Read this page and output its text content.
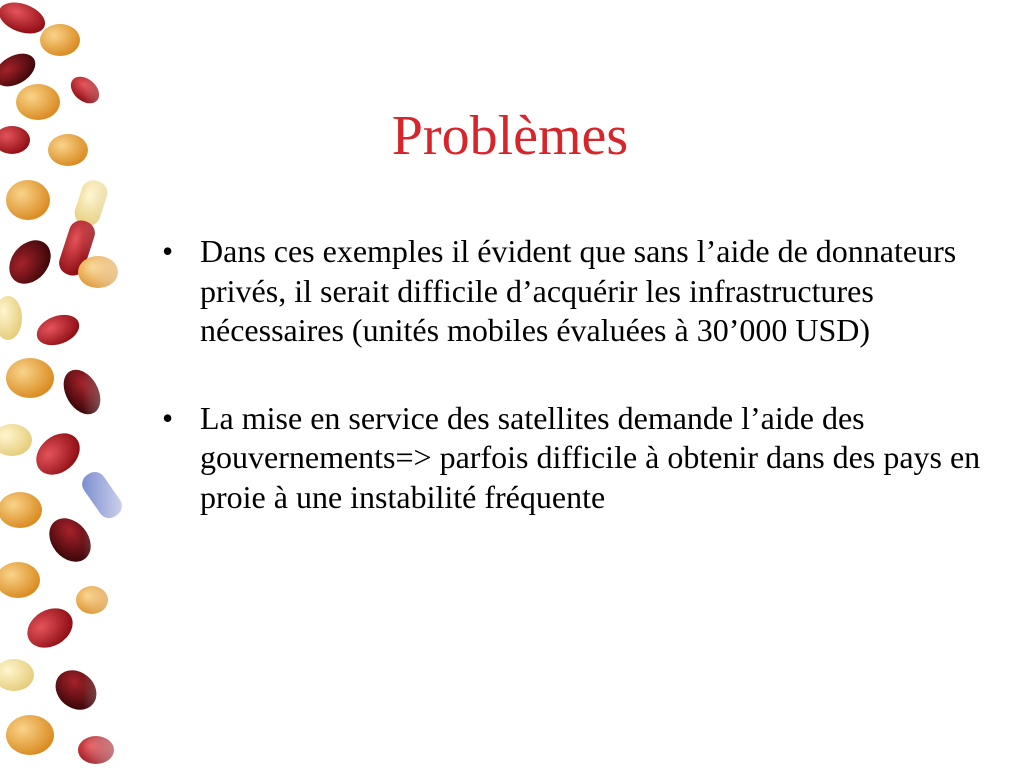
Problèmes
• Dans ces exemples il évident que sans l’aide de donnateurs privés, il serait difficile d’acquérir les infrastructures nécessaires (unités mobiles évaluées à 30’000 USD)
• La mise en service des satellites demande l’aide des gouvernements=> parfois difficile à obtenir dans des pays en proie à une instabilité fréquente
